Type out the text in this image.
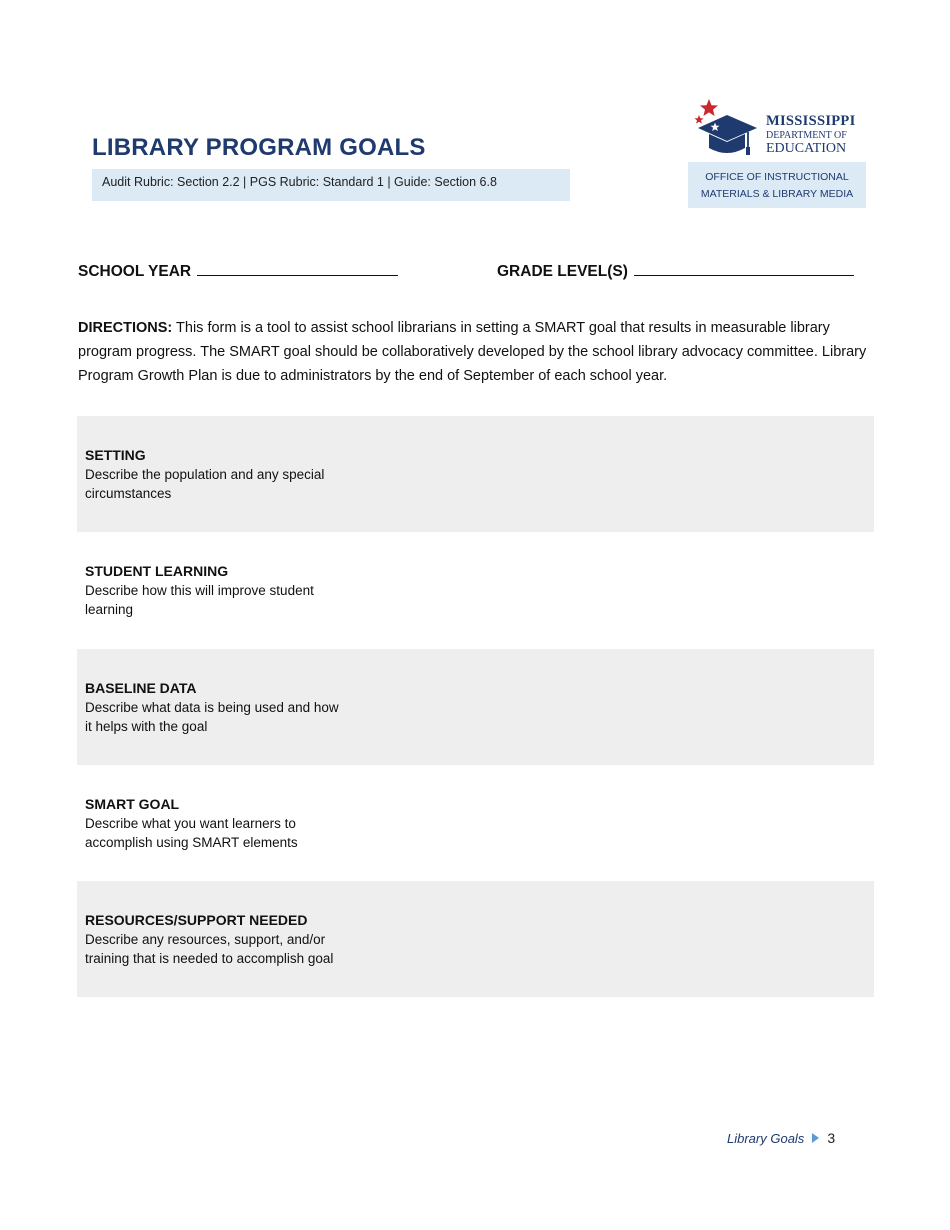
LIBRARY PROGRAM GOALS
Audit Rubric: Section 2.2 | PGS Rubric: Standard 1 | Guide: Section 6.8
MISSISSIPPI
DEPARTMENT OF
EDUCATION
OFFICE OF INSTRUCTIONAL
MATERIALS & LIBRARY MEDIA
SCHOOL YEAR	GRADE LEVEL(S)

DIRECTIONS: This form is a tool to assist school librarians in setting a SMART goal that results in measurable library program progress. The SMART goal should be collaboratively developed by the school library advocacy committee. Library Program Growth Plan is due to administrators by the end of September of each school year.

SETTING

Describe the population and any special circumstances

STUDENT LEARNING

Describe how this will improve student learning

BASELINE DATA

Describe what data is being used and how it helps with the goal

SMART GOAL

Describe what you want learners to accomplish using SMART elements

RESOURCES/SUPPORT NEEDED

Describe any resources, support, and/or training that is needed to accomplish goal

Library Goals 3
